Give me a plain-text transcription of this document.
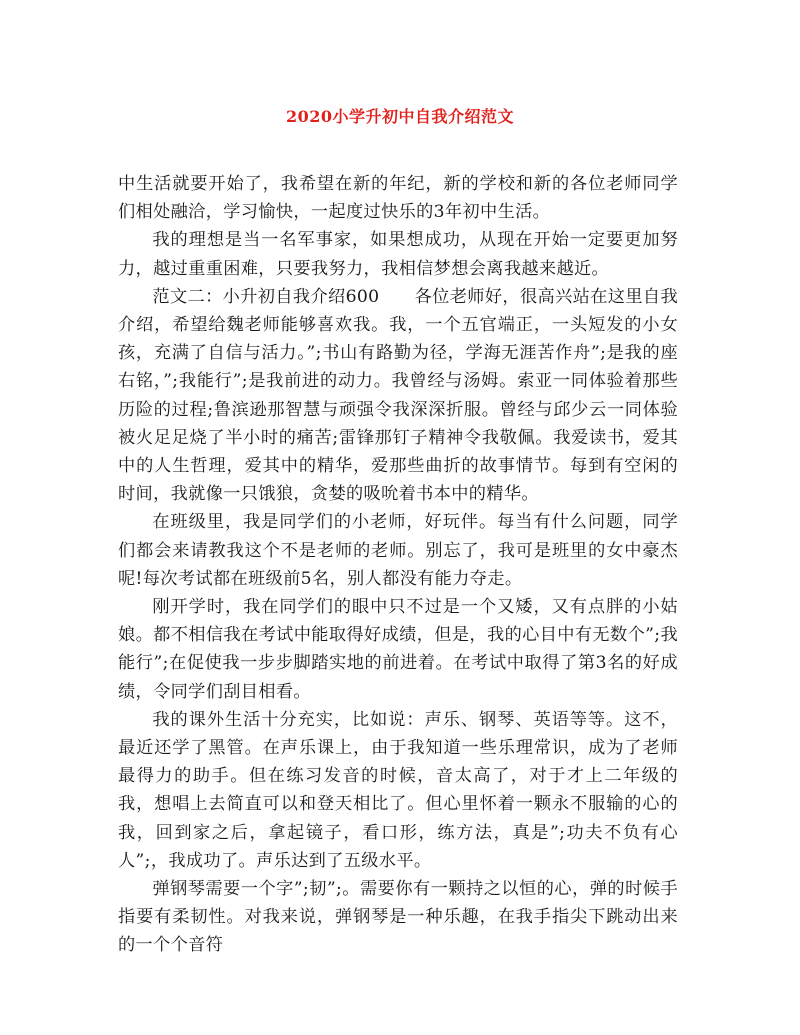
2020小学升初中自我介绍范文

中生活就要开始了，我希望在新的年纪，新的学校和新的各位老师同学们相处融洽，学习愉快，一起度过快乐的3年初中生活。

我的理想是当一名军事家，如果想成功，从现在开始一定要更加努力，越过重重困难，只要我努力，我相信梦想会离我越来越近。

范文二：小升初自我介绍600　　各位老师好，很高兴站在这里自我介绍，希望给魏老师能够喜欢我。我，一个五官端正，一头短发的小女孩，充满了自信与活力。”;书山有路勤为径，学海无涯苦作舟”;是我的座右铭，”;我能行”;是我前进的动力。我曾经与汤姆。索亚一同体验着那些历险的过程;鲁滨逊那智慧与顽强令我深深折服。曾经与邱少云一同体验被火足足烧了半小时的痛苦;雷锋那钉子精神令我敬佩。我爱读书，爱其中的人生哲理，爱其中的精华，爱那些曲折的故事情节。每到有空闲的时间，我就像一只饿狼，贪婪的吸吮着书本中的精华。

在班级里，我是同学们的小老师，好玩伴。每当有什么问题，同学们都会来请教我这个不是老师的老师。别忘了，我可是班里的女中豪杰呢!每次考试都在班级前5名，别人都没有能力夺走。

刚开学时，我在同学们的眼中只不过是一个又矮，又有点胖的小姑娘。都不相信我在考试中能取得好成绩，但是，我的心目中有无数个”;我能行”;在促使我一步步脚踏实地的前进着。在考试中取得了第3名的好成绩，令同学们刮目相看。

我的课外生活十分充实，比如说：声乐、钢琴、英语等等。这不，最近还学了黑管。在声乐课上，由于我知道一些乐理常识，成为了老师最得力的助手。但在练习发音的时候，音太高了，对于才上二年级的我，想唱上去简直可以和登天相比了。但心里怀着一颗永不服输的心的我，回到家之后，拿起镜子，看口形，练方法，真是”;功夫不负有心人”;，我成功了。声乐达到了五级水平。

弹钢琴需要一个字”;韧”;。需要你有一颗持之以恒的心，弹的时候手指要有柔韧性。对我来说，弹钢琴是一种乐趣，在我手指尖下跳动出来的一个个音符
